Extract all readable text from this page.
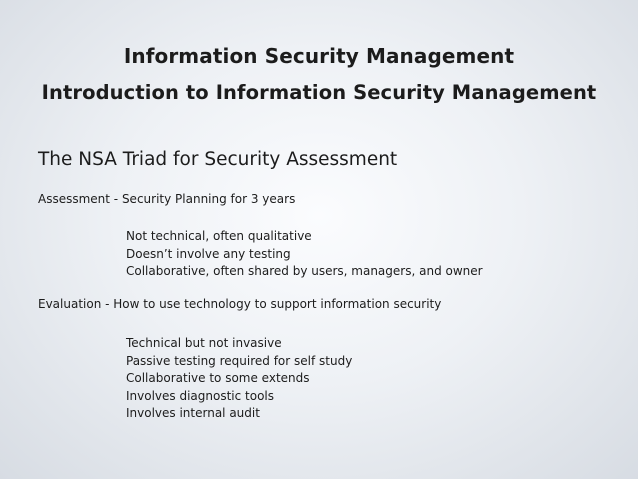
Information Security Management
Introduction to Information Security Management
The NSA Triad for Security Assessment
Assessment - Security Planning for 3 years
Not technical, often qualitative
Doesn’t involve any testing
Collaborative, often shared by users, managers, and owner
Evaluation - How to use technology to support information security
Technical but not invasive
Passive testing required for self study
Collaborative to some extends
Involves diagnostic tools
Involves internal audit
